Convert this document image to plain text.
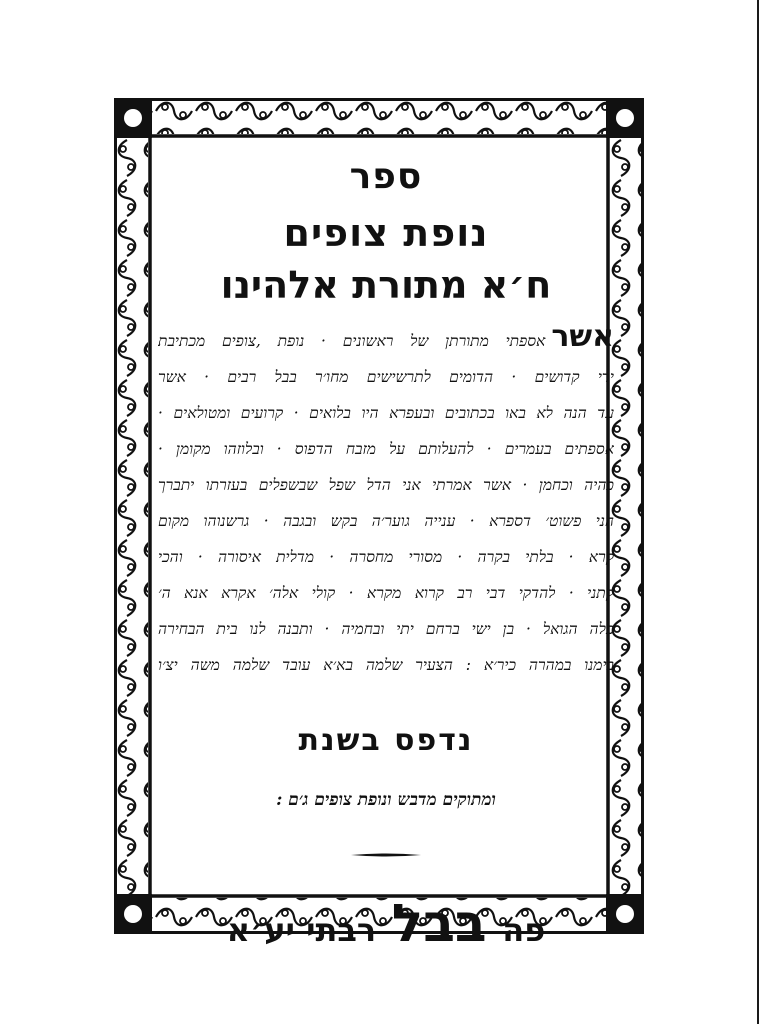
ספר
נופת צופים
ח׳א מתורת אלהינו
אשראספתי מתורתן של ראשונים · נופת ,צופים מכתיבת
ידי קדושים · הדומים לתרשישים מחו׳ר בבל רבים · אשר
עד הנה לא באו בכתובים ובעפרא היו בלואים · קרועים ומטולאים ·
אספתים בעמרים · להעלותם על מזבח הדפוס · ובלוזהו מקומן ·
כהיה וכחמן · אשר אמרתי אני הדל שפל שבשפלים בעזרתו יתברך
הני פשוט׳ דספרא · ענייה גוער׳ה בקש ובגבה · גרשנוהו מקום
קרא · בלתי בקרה · מסורי מחסרה · מדלית איסורה · והכי
קתני · להדקי דבי רב קרוא מקרא · קולי אלה׳ אקרא אנא ה׳
פלה הגואל · בן ישי ברחם יתי ובחמיה · ותבנה לנו בית הבחירה
בימנו במהרה כיר׳א : הצעיר שלמה בא׳א עובד שלמה משה יצ׳ו
נדפס בשנת
ומתוקים מדבש ונופת צופים ג׳ם :
פה בבל רבתי יע׳א
